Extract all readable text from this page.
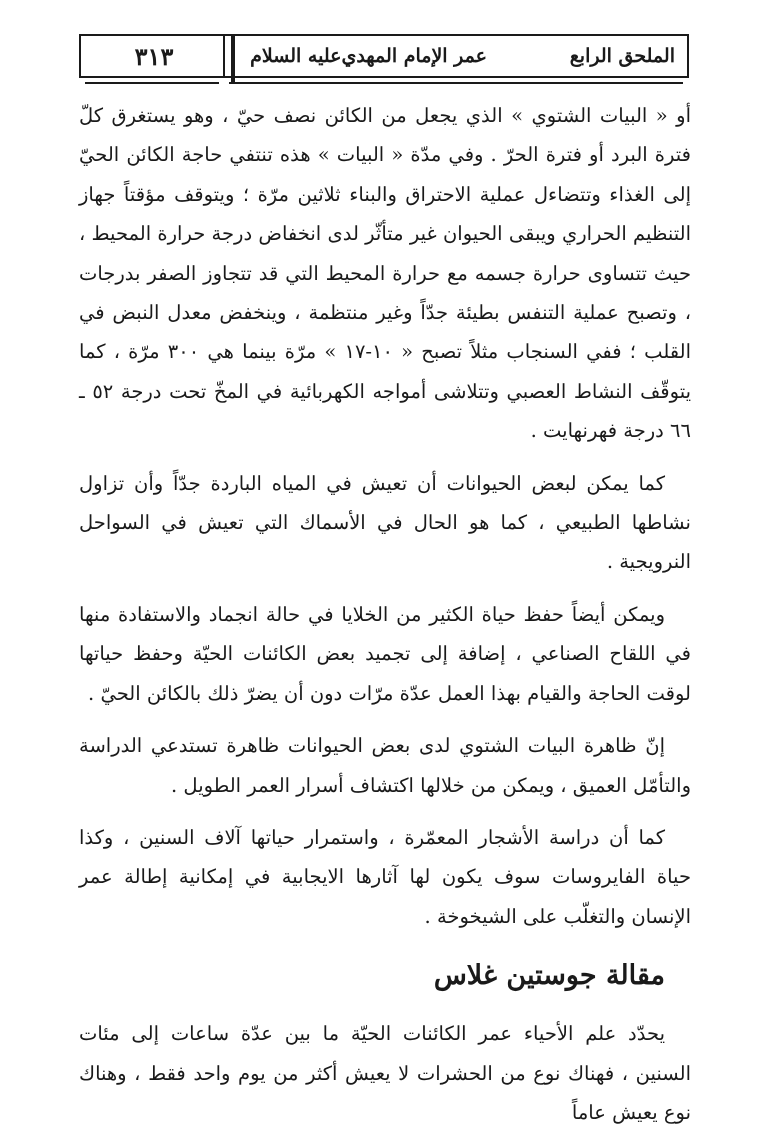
الملحق الرابع
عمر الإمام المهدي‌عليه السلام
٣١٣

أو « البيات الشتوي » الذي يجعل من الكائن نصف حيّ ، وهو يستغرق كلّ فترة البرد أو فترة الحرّ . وفي مدّة « البيات » هذه تنتفي حاجة الكائن الحيّ إلى الغذاء وتتضاءل عملية الاحتراق والبناء ثلاثين مرّة ؛ ويتوقف مؤقتاً جهاز التنظيم الحراري ويبقى الحيوان غير متأثّر لدى انخفاض درجة حرارة المحيط ، حيث تتساوى حرارة جسمه مع حرارة المحيط التي قد تتجاوز الصفر بدرجات ، وتصبح عملية التنفس بطيئة جدّاً وغير منتظمة ، وينخفض معدل النبض في القلب ؛ ففي السنجاب مثلاً تصبح « ١٠-١٧ » مرّة بينما هي ٣٠٠ مرّة ، كما يتوقّف النشاط العصبي وتتلاشى أمواجه الكهربائية في المخّ تحت درجة ٥٢ ـ ٦٦ درجة فهرنهايت .

كما يمكن لبعض الحيوانات أن تعيش في المياه الباردة جدّاً وأن تزاول نشاطها الطبيعي ، كما هو الحال في الأسماك التي تعيش في السواحل النرويجية .

ويمكن أيضاً حفظ حياة الكثير من الخلايا في حالة انجماد والاستفادة منها في اللقاح الصناعي ، إضافة إلى تجميد بعض الكائنات الحيّة وحفظ حياتها لوقت الحاجة والقيام بهذا العمل عدّة مرّات دون أن يضرّ ذلك بالكائن الحيّ .

إنّ ظاهرة البيات الشتوي لدى بعض الحيوانات ظاهرة تستدعي الدراسة والتأمّل العميق ، ويمكن من خلالها اكتشاف أسرار العمر الطويل .

كما أن دراسة الأشجار المعمّرة ، واستمرار حياتها آلاف السنين ، وكذا حياة الفايروسات سوف يكون لها آثارها الايجابية في إمكانية إطالة عمر الإنسان والتغلّب على الشيخوخة .

مقالة جوستين غلاس

يحدّد علم الأحياء عمر الكائنات الحيّة ما بين عدّة ساعات إلى مئات السنين ، فهناك نوع من الحشرات لا يعيش أكثر من يوم واحد فقط ، وهناك نوع يعيش عاماً
